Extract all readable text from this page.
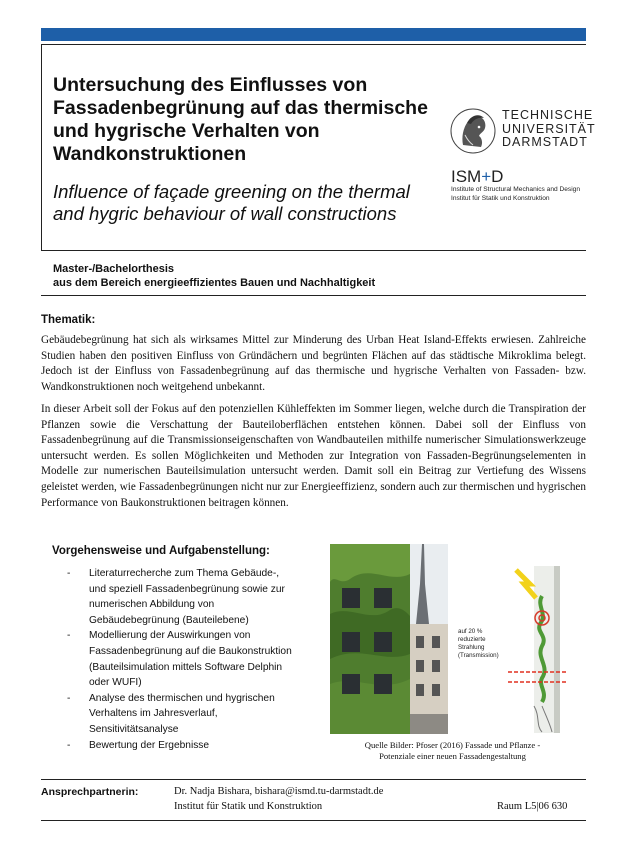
Untersuchung des Einflusses von Fassadenbegrünung auf das thermische und hygrische Verhalten von Wandkonstruktionen
Influence of façade greening on the thermal and hygric behaviour of wall constructions
TECHNISCHE
UNIVERSITÄT
DARMSTADT
ISM+D
Institute of Structural Mechanics and Design
Institut für Statik und Konstruktion
Master-/Bachelorthesis
aus dem Bereich energieeffizientes Bauen und Nachhaltigkeit
Thematik:
Gebäudebegrünung hat sich als wirksames Mittel zur Minderung des Urban Heat Island-Effekts erwiesen. Zahlreiche Studien haben den positiven Einfluss von Gründächern und begrünten Flächen auf das städtische Mikroklima belegt. Jedoch ist der Einfluss von Fassadenbegrünung auf das thermische und hygrische Verhalten von Fassaden- bzw. Wandkonstruktionen noch weitgehend unbekannt.
In dieser Arbeit soll der Fokus auf den potenziellen Kühleffekten im Sommer liegen, welche durch die Transpiration der Pflanzen sowie die Verschattung der Bauteiloberflächen entstehen können. Dabei soll der Einfluss von Fassadenbegrünung auf die Transmissionseigenschaften von Wandbauteilen mithilfe numerischer Simulationswerkzeuge untersucht werden. Es sollen Möglichkeiten und Methoden zur Integration von Fassaden-Begrünungselementen in Modelle zur numerischen Bauteilsimulation untersucht werden. Damit soll ein Beitrag zur Vertiefung des Wissens geleistet werden, wie Fassadenbegrünungen nicht nur zur Energieeffizienz, sondern auch zur thermischen und hygrischen Performance von Baukonstruktionen beitragen können.
Vorgehensweise und Aufgabenstellung:
- Literaturrecherche zum Thema Gebäude-,
und speziell Fassadenbegrünung sowie zur
numerischen Abbildung von
Gebäudebegrünung (Bauteilebene)
- Modellierung der Auswirkungen von
Fassadenbegrünung auf die Baukonstruktion
(Bauteilsimulation mittels Software Delphin
oder WUFI)
- Analyse des thermischen und hygrischen
Verhaltens im Jahresverlauf,
Sensitivitätsanalyse
- Bewertung der Ergebnisse
auf 20 %
reduzierte
Strahlung
(Transmission)
Quelle Bilder: Pfoser (2016) Fassade und Pflanze -
Potenziale einer neuen Fassadengestaltung
Ansprechpartnerin:	Dr. Nadja Bishara, bishara@ismd.tu-darmstadt.de
Institut für Statik und Konstruktion	Raum L5|06 630
